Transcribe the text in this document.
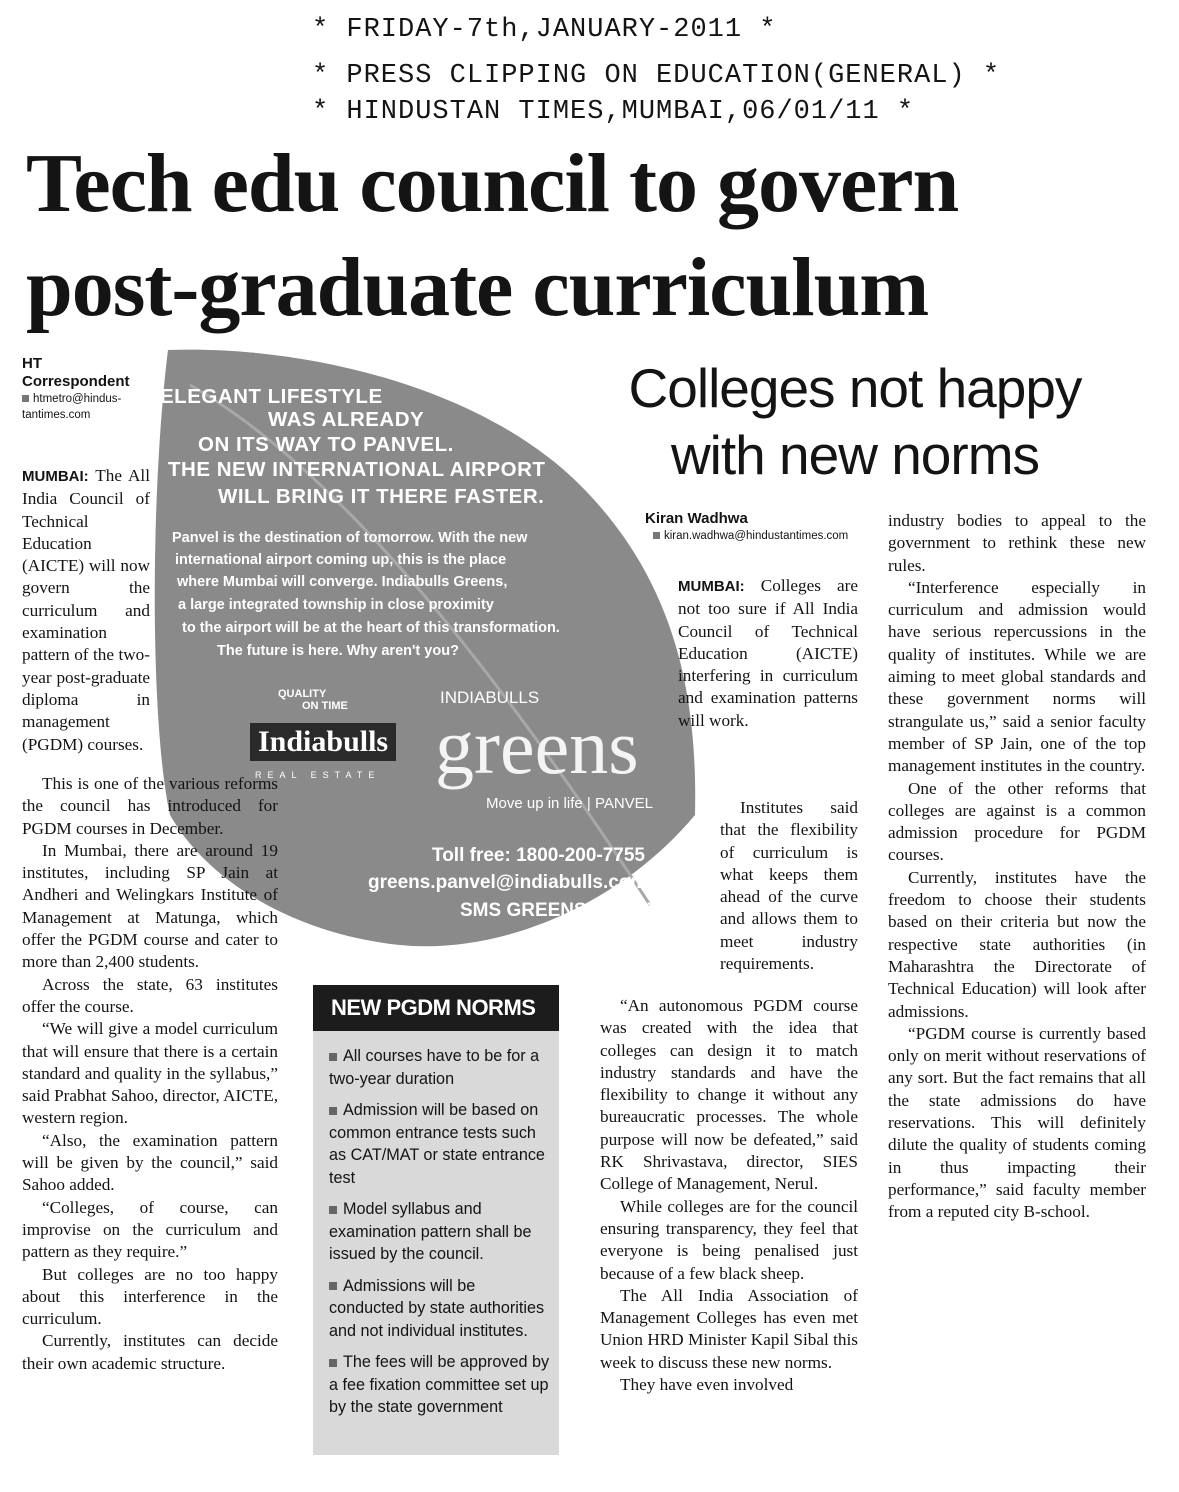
* FRIDAY-7th,JANUARY-2011 *
* PRESS CLIPPING ON EDUCATION(GENERAL) *
* HINDUSTAN TIMES,MUMBAI,06/01/11 *
Tech edu council to govern
post-graduate curriculum
HT
Correspondent
htmetro@hindus-
tantimes.com
ELEGANT LIFESTYLE
WAS ALREADY
ON ITS WAY TO PANVEL.
THE NEW INTERNATIONAL AIRPORT
WILL BRING IT THERE FASTER.
Panvel is the destination of tomorrow. With the new
international airport coming up, this is the place
where Mumbai will converge. Indiabulls Greens,
a large integrated township in close proximity
to the airport will be at the heart of this transformation.
The future is here. Why aren't you?
QUALITY
ON TIME	INDIABULLS
Indiabulls
REAL ESTATE greens
Move up in life | PANVEL
Toll free: 1800-200-7755
greens.panvel@indiabulls.com
SMS GREENS to 56677

MUMBAI: The All India Council of Technical Education (AICTE) will now govern the curriculum and examination pattern of the two-year post-graduate diploma in management (PGDM) courses.

This is one of the various reforms the council has introduced for PGDM courses in December.

In Mumbai, there are around 19 institutes, including SP Jain at Andheri and Welingkars Institute of Management at Matunga, which offer the PGDM course and cater to more than 2,400 students.

Across the state, 63 institutes offer the course.

“We will give a model curriculum that will ensure that there is a certain standard and quality in the syllabus,” said Prabhat Sahoo, director, AICTE, western region.

“Also, the examination pattern will be given by the council,” said Sahoo added.

“Colleges, of course, can improvise on the curriculum and pattern as they require.”

But colleges are no too happy about this interference in the curriculum.

Currently, institutes can decide their own academic structure.

Colleges not happy
with new norms
Kiran Wadhwa
kiran.wadhwa@hindustantimes.com

MUMBAI: Colleges are not too sure if All India Council of Technical Education (AICTE) interfering in curriculum and examination patterns will work.

Institutes said that the flexibility of curriculum is what keeps them ahead of the curve and allows them to meet industry requirements.

“An autonomous PGDM course was created with the idea that colleges can design it to match industry standards and have the flexibility to change it without any bureaucratic processes. The whole purpose will now be defeated,” said RK Shrivastava, director, SIES College of Management, Nerul.

While colleges are for the council ensuring transparency, they feel that everyone is being penalised just because of a few black sheep.

The All India Association of Management Colleges has even met Union HRD Minister Kapil Sibal this week to discuss these new norms.

They have even involved

industry bodies to appeal to the government to rethink these new rules.

“Interference especially in curriculum and admission would have serious repercussions in the quality of institutes. While we are aiming to meet global standards and these government norms will strangulate us,” said a senior faculty member of SP Jain, one of the top management institutes in the country.

One of the other reforms that colleges are against is a common admission procedure for PGDM courses.

Currently, institutes have the freedom to choose their students based on their criteria but now the respective state authorities (in Maharashtra the Directorate of Technical Education) will look after admissions.

“PGDM course is currently based only on merit without reservations of any sort. But the fact remains that all the state admissions do have reservations. This will definitely dilute the quality of students coming in thus impacting their performance,” said faculty member from a reputed city B-school.

NEW PGDM NORMS
All courses have to be for a two-year duration
Admission will be based on common entrance tests such as CAT/MAT or state entrance test
Model syllabus and examination pattern shall be issued by the council.
Admissions will be conducted by state authorities and not individual institutes.
The fees will be approved by a fee fixation committee set up by the state government
